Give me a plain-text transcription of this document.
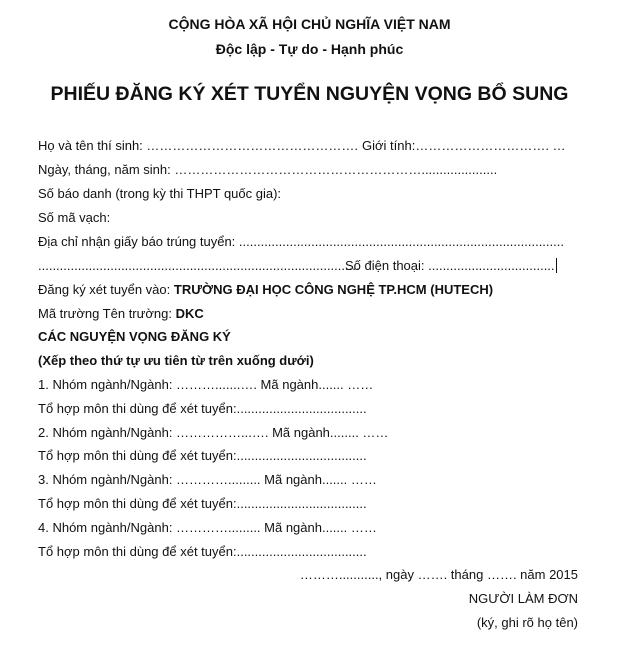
CỘNG HÒA XÃ HỘI CHỦ NGHĨA VIỆT NAM
Độc lập - Tự do - Hạnh phúc
PHIẾU ĐĂNG KÝ XÉT TUYỂN NGUYỆN VỌNG BỔ SUNG
Họ và tên thí sinh: …………………………………………. Giới tính:…………………………. …
Ngày, tháng, năm sinh: ………………………………………………….....................
Số báo danh (trong kỳ thi THPT quốc gia):
Số mã vạch:
Địa chỉ nhận giấy báo trúng tuyển: ..........................................................................................
.........................................................................................
Số điện thoại: ...................................
Đăng ký xét tuyển vào: TRƯỜNG ĐẠI HỌC CÔNG NGHỆ TP.HCM (HUTECH)
Mã trường Tên trường: DKC
CÁC NGUYỆN VỌNG ĐĂNG KÝ
(Xếp theo thứ tự ưu tiên từ trên xuống dưới)
1. Nhóm ngành/Ngành: ……….......…. Mã ngành....... ……
Tổ hợp môn thi dùng để xét tuyển:....................................
2. Nhóm ngành/Ngành: ……………...…. Mã ngành........ ……
Tổ hợp môn thi dùng để xét tuyển:....................................
3. Nhóm ngành/Ngành: …………......... Mã ngành....... ……
Tổ hợp môn thi dùng để xét tuyển:....................................
4. Nhóm ngành/Ngành: …………......... Mã ngành....... ……
Tổ hợp môn thi dùng để xét tuyển:....................................
………..........., ngày ……. tháng ……. năm 2015
NGƯỜI LÀM ĐƠN
(ký, ghi rõ họ tên)
